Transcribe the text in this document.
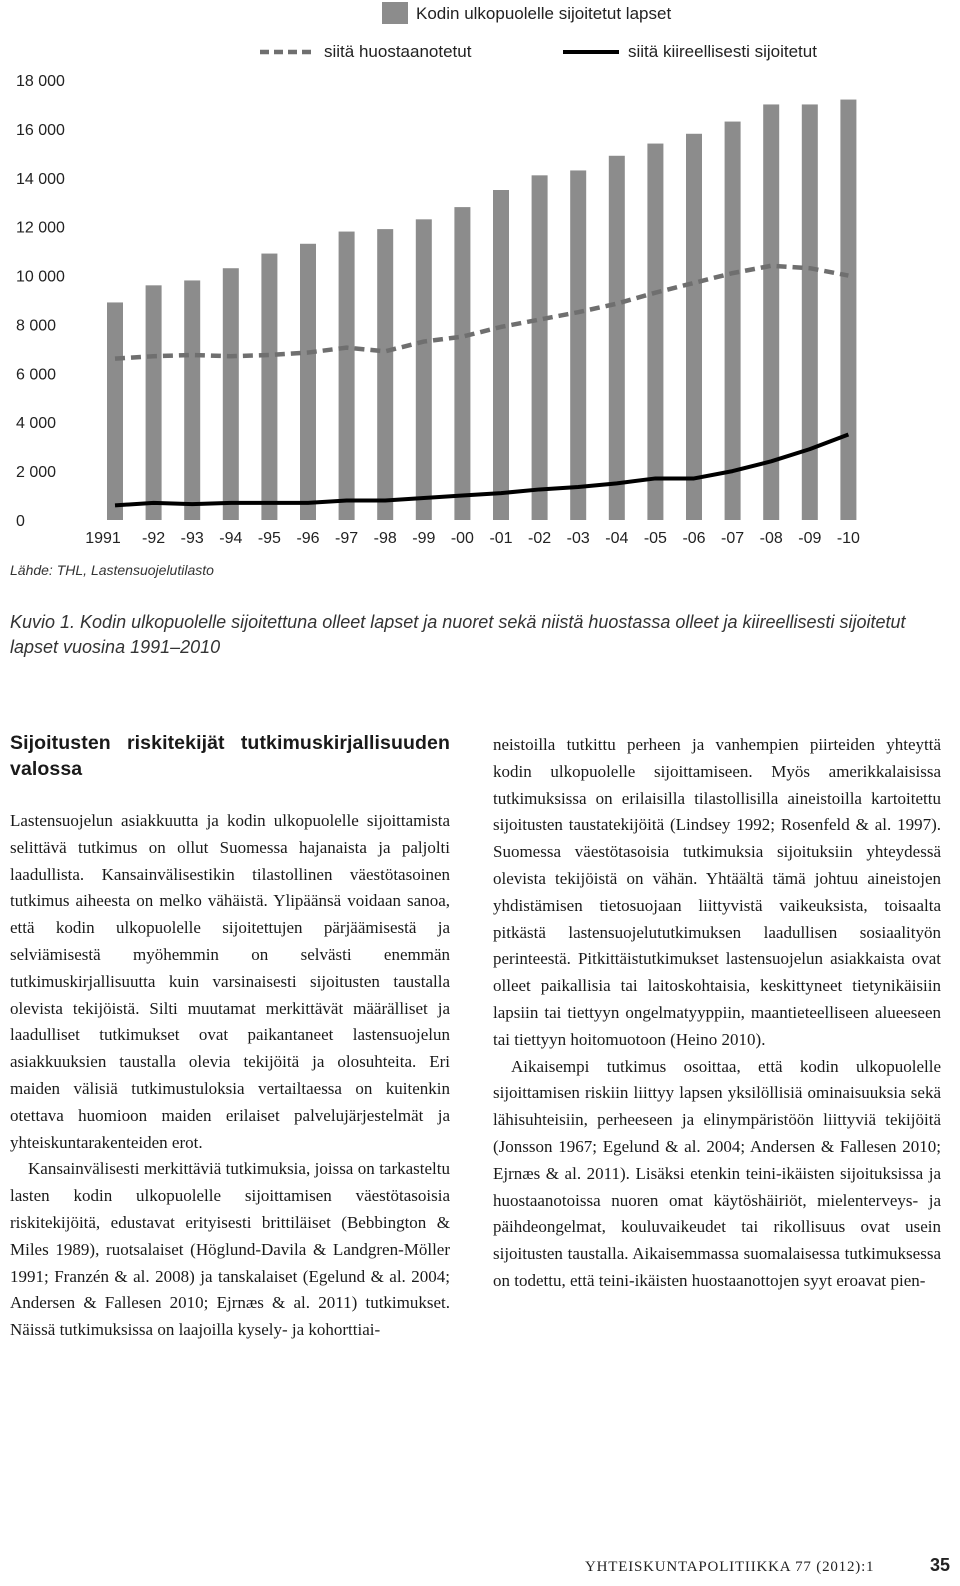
Kodin ulkopuolelle sijoitetut lapset
siitä huostaanotetut	siitä kiireellisesti sijoitetut
0
2 000
4 000
6 000
8 000
10 000
12 000
14 000
16 000
18 000
1991 -92 -93 -94 -95 -96 -97 -98 -99 -00 -01 -02 -03 -04 -05 -06 -07 -08 -09 -10
Lähde: THL, Lastensuojelutilasto
Kuvio 1. Kodin ulkopuolelle sijoitettuna olleet lapset ja nuoret sekä niistä huostassa olleet ja kiireellisesti sijoitetut lapset vuosina 1991–2010
Sijoitusten riskitekijät tutkimuskirjallisuuden valossa

Lastensuojelun asiakkuutta ja kodin ulkopuolelle sijoittamista selittävä tutkimus on ollut Suomessa hajanaista ja paljolti laadullista. Kansainvälisestikin tilastollinen väestötasoinen tutkimus aiheesta on melko vähäistä. Ylipäänsä voidaan sanoa, että kodin ulkopuolelle sijoitettujen pärjäämisestä ja selviämisestä myöhemmin on selvästi enemmän tutkimuskirjallisuutta kuin varsinaisesti sijoitusten taustalla olevista tekijöistä. Silti muutamat merkittävät määrälliset ja laadulliset tutkimukset ovat paikantaneet lastensuojelun asiakkuuksien taustalla olevia tekijöitä ja olosuhteita. Eri maiden välisiä tutkimustuloksia vertailtaessa on kuitenkin otettava huomioon maiden erilaiset palvelujärjestelmät ja yhteiskuntarakenteiden erot.

Kansainvälisesti merkittäviä tutkimuksia, joissa on tarkasteltu lasten kodin ulkopuolelle sijoittamisen väestötasoisia riskitekijöitä, edustavat erityisesti brittiläiset (Bebbington & Miles 1989), ruotsalaiset (Höglund-Davila & Landgren-Möller 1991; Franzén & al. 2008) ja tanskalaiset (Egelund & al. 2004; Andersen & Fallesen 2010; Ejrnæs & al. 2011) tutkimukset. Näissä tutkimuksissa on laajoilla kysely- ja kohorttiai-

neistoilla tutkittu perheen ja vanhempien piirteiden yhteyttä kodin ulkopuolelle sijoittamiseen. Myös amerikkalaisissa tutkimuksissa on erilaisilla tilastollisilla aineistoilla kartoitettu sijoitusten taustatekijöitä (Lindsey 1992; Rosenfeld & al. 1997). Suomessa väestötasoisia tutkimuksia sijoituksiin yhteydessä olevista tekijöistä on vähän. Yhtäältä tämä johtuu aineistojen yhdistämisen tietosuojaan liittyvistä vaikeuksista, toisaalta pitkästä lastensuojelututkimuksen laadullisen sosiaalityön perinteestä. Pitkittäistutkimukset lastensuojelun asiakkaista ovat olleet paikallisia tai laitoskohtaisia, keskittyneet tietynikäisiin lapsiin tai tiettyyn ongelmatyyppiin, maantieteelliseen alueeseen tai tiettyyn hoitomuotoon (Heino 2010).

Aikaisempi tutkimus osoittaa, että kodin ulkopuolelle sijoittamisen riskiin liittyy lapsen yksilöllisiä ominaisuuksia sekä lähisuhteisiin, perheeseen ja elinympäristöön liittyviä tekijöitä (Jonsson 1967; Egelund & al. 2004; Andersen & Fallesen 2010; Ejrnæs & al. 2011). Lisäksi etenkin teini-ikäisten sijoituksissa ja huostaanotoissa nuoren omat käytöshäiriöt, mielenterveys- ja päihdeongelmat, kouluvaikeudet tai rikollisuus ovat usein sijoitusten taustalla. Aikaisemmassa suomalaisessa tutkimuksessa on todettu, että teini-ikäisten huostaanottojen syyt eroavat pien-

YHTEISKUNTAPOLITIIKKA 77 (2012):1	35
